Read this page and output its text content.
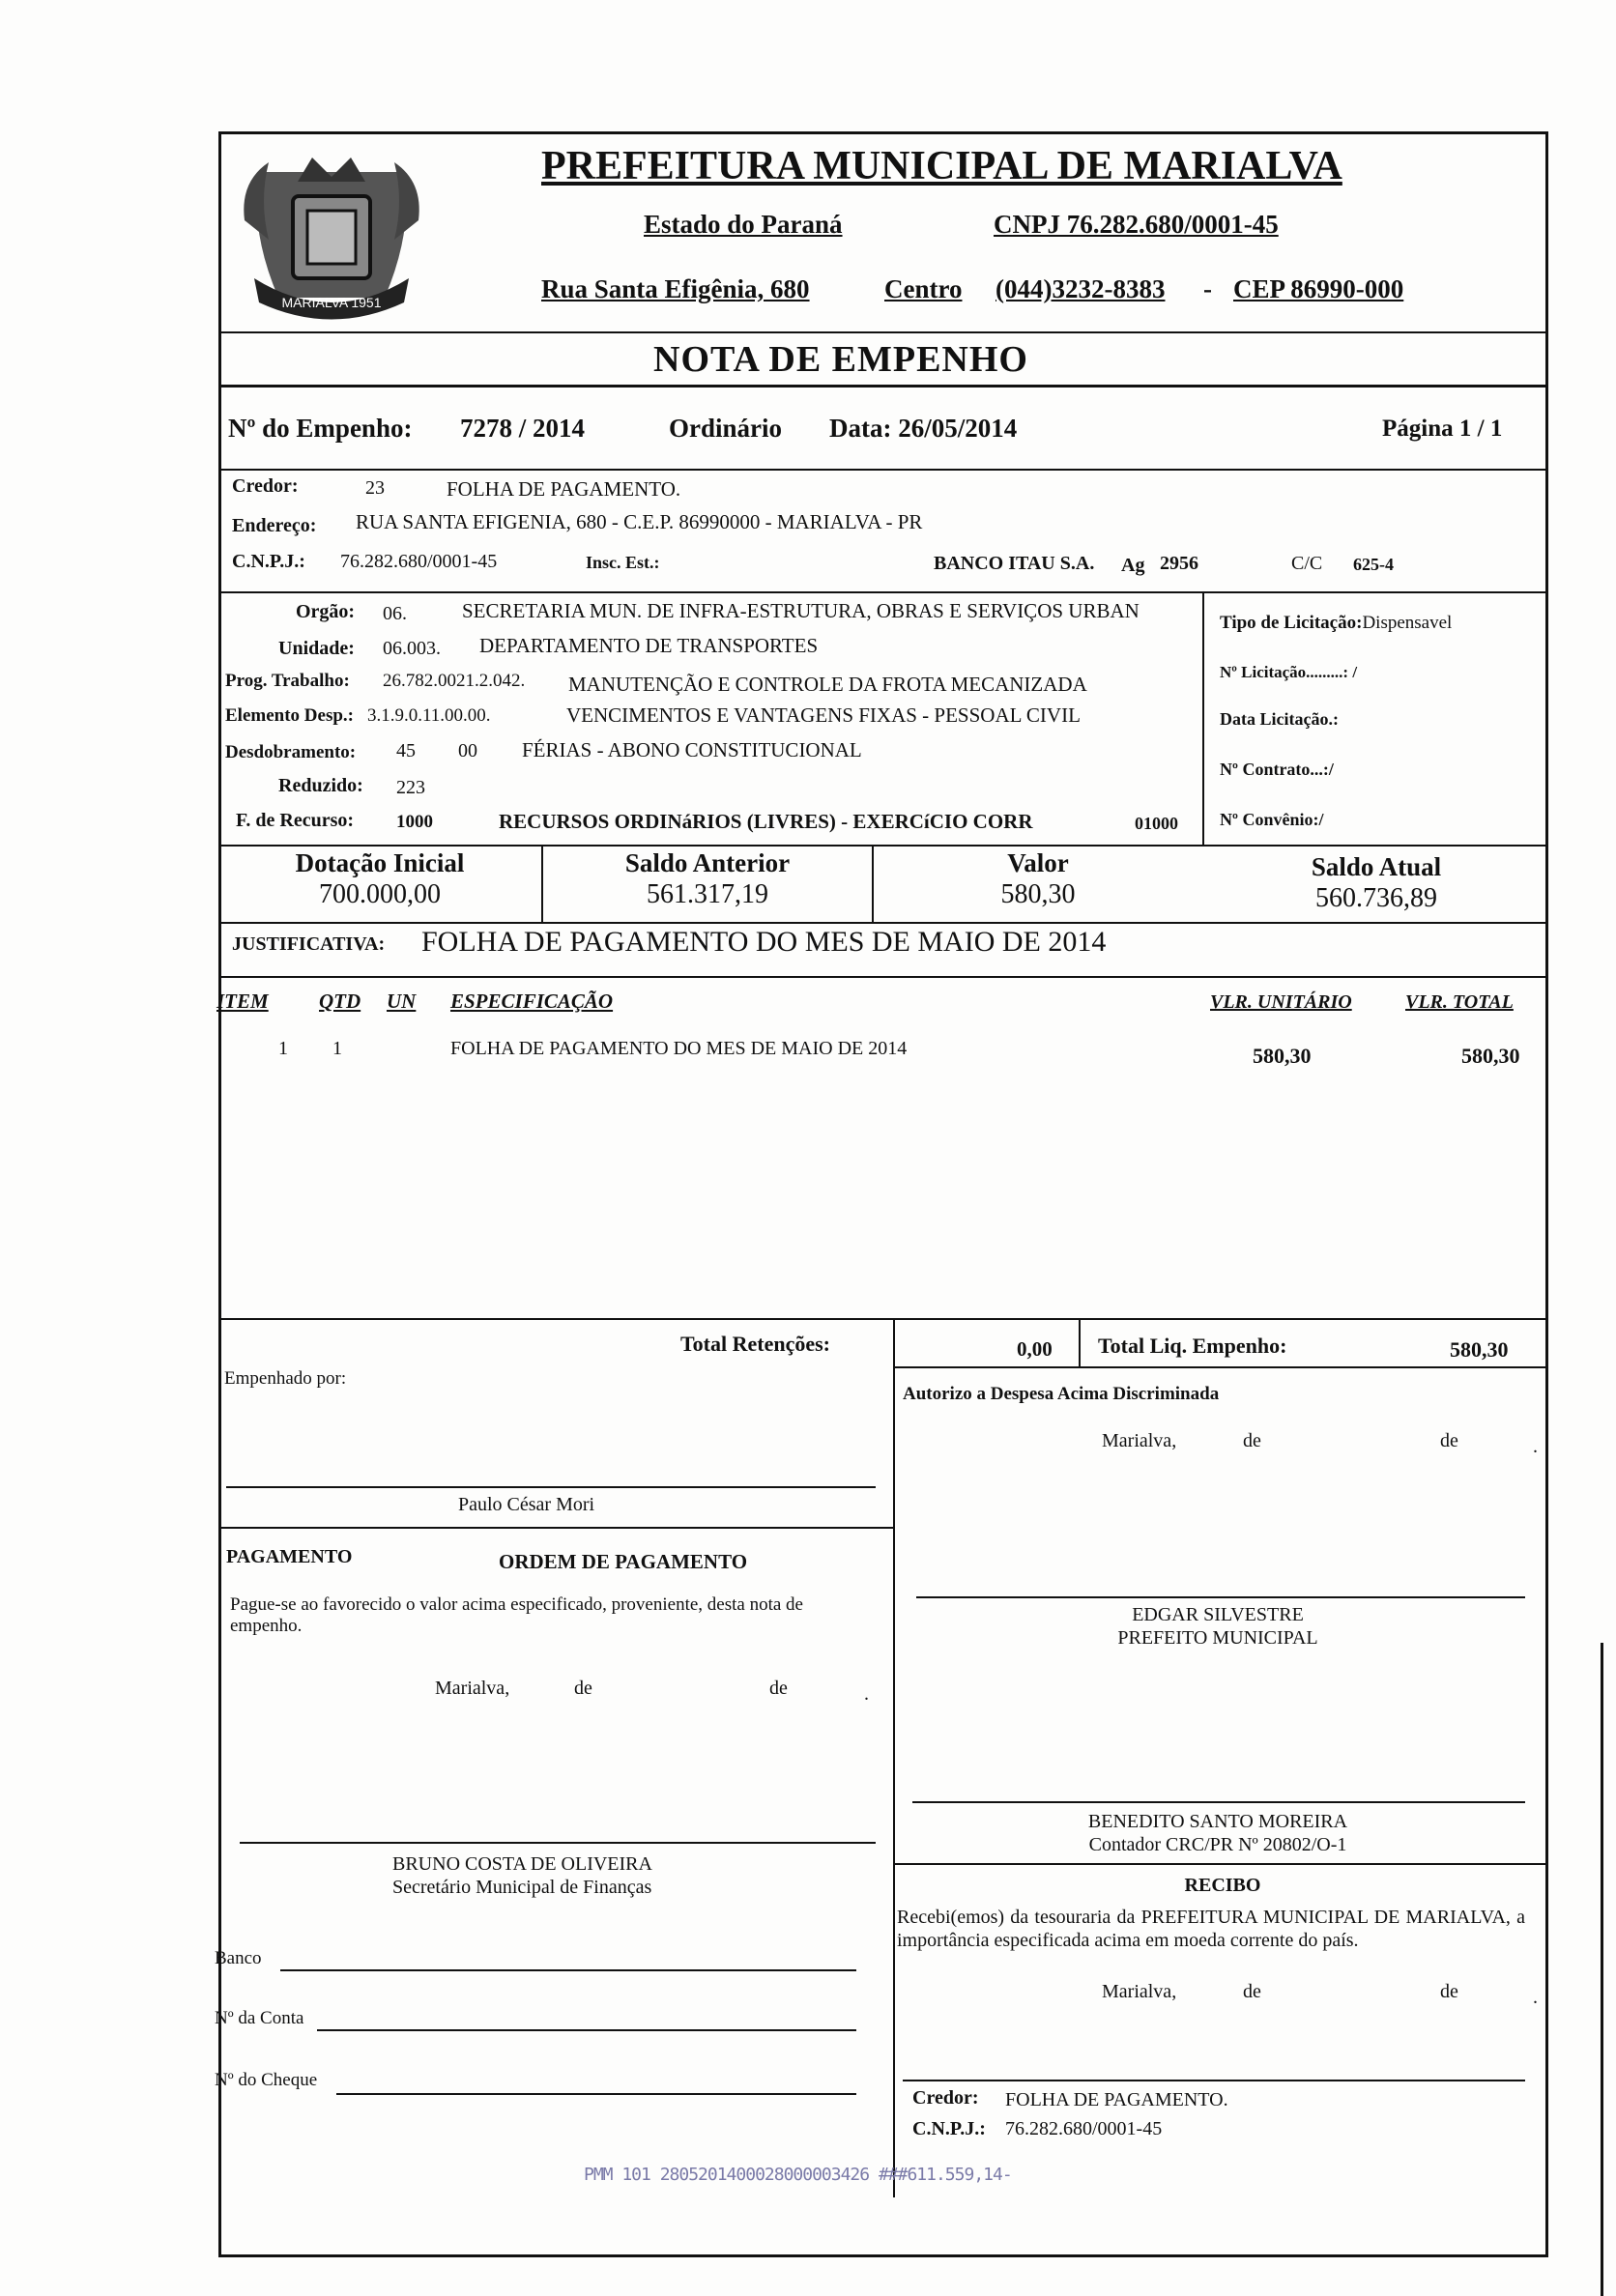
MARIALVA 1951
PREFEITURA MUNICIPAL DE MARIALVA
Estado do Paraná	CNPJ 76.282.680/0001-45
Rua Santa Efigênia, 680	Centro (044)3232-8383 - CEP 86990-000
NOTA DE EMPENHO
Nº do Empenho: 7278 / 2014	Ordinário Data: 26/05/2014	Página 1 / 1
Credor:	23	FOLHA DE PAGAMENTO.
Endereço: RUA SANTA EFIGENIA, 680 - C.E.P. 86990000 - MARIALVA - PR
C.N.P.J.: 76.282.680/0001-45	Insc. Est.:	BANCO ITAU S.A. Ag 2956	C/C 625-4
Orgão: 06.	SECRETARIA MUN. DE INFRA-ESTRUTURA, OBRAS E SERVIÇOS URBAN
Unidade: 06.003. DEPARTAMENTO DE TRANSPORTES
Prog. Trabalho: 26.782.0021.2.042. MANUTENÇÃO E CONTROLE DA FROTA MECANIZADA
Elemento Desp.: 3.1.9.0.11.00.00.	VENCIMENTOS E VANTAGENS FIXAS - PESSOAL CIVIL
Desdobramento: 45 00 FÉRIAS - ABONO CONSTITUCIONAL
Reduzido: 223
F. de Recurso: 1000	RECURSOS ORDINáRIOS (LIVRES) - EXERCíCIO CORR	01000
Tipo de Licitação:Dispensavel
Nº Licitação.........: /
Data Licitação.:
Nº Contrato...:/
Nº Convênio:/
Dotação Inicial
700.000,00
Saldo Anterior
561.317,19
Valor
580,30
Saldo Atual
560.736,89
JUSTIFICATIVA: FOLHA DE PAGAMENTO DO MES DE MAIO DE 2014
ITEM QTD UN ESPECIFICAÇÃO	VLR. UNITÁRIO	VLR. TOTAL
1 1	FOLHA DE PAGAMENTO DO MES DE MAIO DE 2014	580,30	580,30
Total Retenções:	0,00 Total Liq. Empenho:	580,30
Empenhado por:
Paulo César Mori
PAGAMENTO	ORDEM DE PAGAMENTO
Pague-se ao favorecido o valor acima especificado, proveniente, desta nota de empenho.
Marialva,	de	de	.
BRUNO COSTA DE OLIVEIRA
Secretário Municipal de Finanças
Banco
Nº da Conta
Nº do Cheque
Autorizo a Despesa Acima Discriminada
Marialva,	de	de	.
EDGAR SILVESTRE
PREFEITO MUNICIPAL
BENEDITO SANTO MOREIRA
Contador CRC/PR Nº 20802/O-1
RECIBO
Recebi(emos) da tesouraria da PREFEITURA MUNICIPAL DE MARIALVA, a importância especificada acima em moeda corrente do país.
Marialva,	de	de	.
Credor: FOLHA DE PAGAMENTO.
C.N.P.J.: 76.282.680/0001-45
PMM 101 2805201400028000003426 ###611.559,14-
